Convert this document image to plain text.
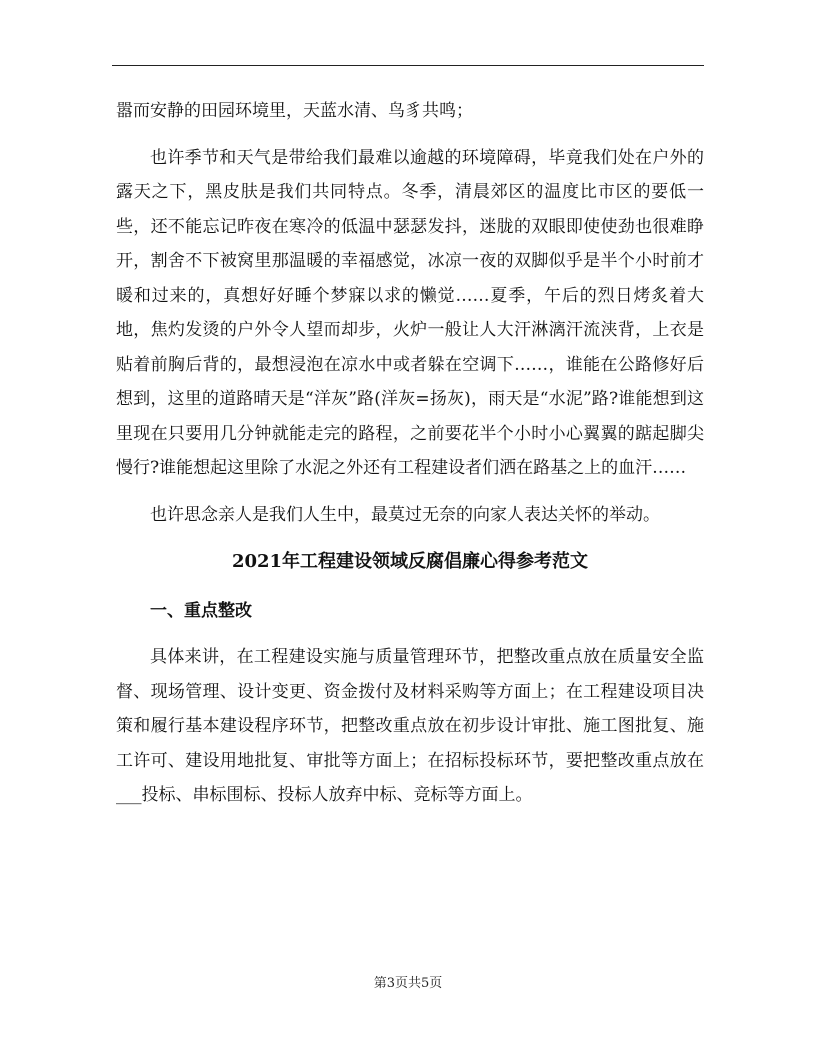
嚣而安静的田园环境里，天蓝水清、鸟豸共鸣；

也许季节和天气是带给我们最难以逾越的环境障碍，毕竟我们处在户外的露天之下，黑皮肤是我们共同特点。冬季，清晨郊区的温度比市区的要低一些，还不能忘记昨夜在寒冷的低温中瑟瑟发抖，迷胧的双眼即使使劲也很难睁开，割舍不下被窝里那温暖的幸福感觉，冰凉一夜的双脚似乎是半个小时前才暖和过来的，真想好好睡个梦寐以求的懒觉……夏季，午后的烈日烤炙着大地，焦灼发烫的户外令人望而却步，火炉一般让人大汗淋漓汗流浃背，上衣是贴着前胸后背的，最想浸泡在凉水中或者躲在空调下……，谁能在公路修好后想到，这里的道路晴天是“洋灰”路(洋灰=扬灰)，雨天是“水泥”路?谁能想到这里现在只要用几分钟就能走完的路程，之前要花半个小时小心翼翼的踮起脚尖慢行?谁能想起这里除了水泥之外还有工程建设者们洒在路基之上的血汗……

也许思念亲人是我们人生中，最莫过无奈的向家人表达关怀的举动。

2021年工程建设领域反腐倡廉心得参考范文
一、重点整改

具体来讲，在工程建设实施与质量管理环节，把整改重点放在质量安全监督、现场管理、设计变更、资金拨付及材料采购等方面上；在工程建设项目决策和履行基本建设程序环节，把整改重点放在初步设计审批、施工图批复、施工许可、建设用地批复、审批等方面上；在招标投标环节，要把整改重点放在___投标、串标围标、投标人放弃中标、竞标等方面上。

第3页共5页
